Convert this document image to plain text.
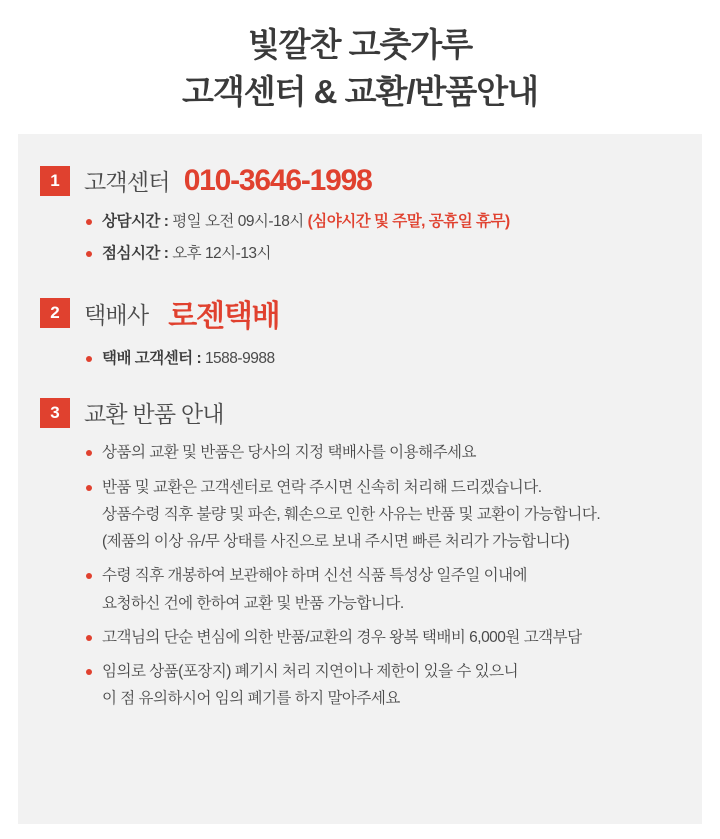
빛깔찬 고춧가루
고객센터 & 교환/반품안내
1	고객센터 010-3646-1998
상담시간 : 평일 오전 09시-18시 (심야시간 및 주말, 공휴일 휴무)
점심시간 : 오후 12시-13시
2	택배사 로젠택배
택배 고객센터 : 1588-9988
3	교환 반품 안내
상품의 교환 및 반품은 당사의 지정 택배사를 이용해주세요
반품 및 교환은 고객센터로 연락 주시면 신속히 처리해 드리겠습니다.
상품수령 직후 불량 및 파손, 훼손으로 인한 사유는 반품 및 교환이 가능합니다.
(제품의 이상 유/무 상태를 사진으로 보내 주시면 빠른 처리가 가능합니다)
수령 직후 개봉하여 보관해야 하며 신선 식품 특성상 일주일 이내에
요청하신 건에 한하여 교환 및 반품 가능합니다.
고객님의 단순 변심에 의한 반품/교환의 경우 왕복 택배비 6,000원 고객부담
임의로 상품(포장지) 폐기시 처리 지연이나 제한이 있을 수 있으니
이 점 유의하시어 임의 폐기를 하지 말아주세요
